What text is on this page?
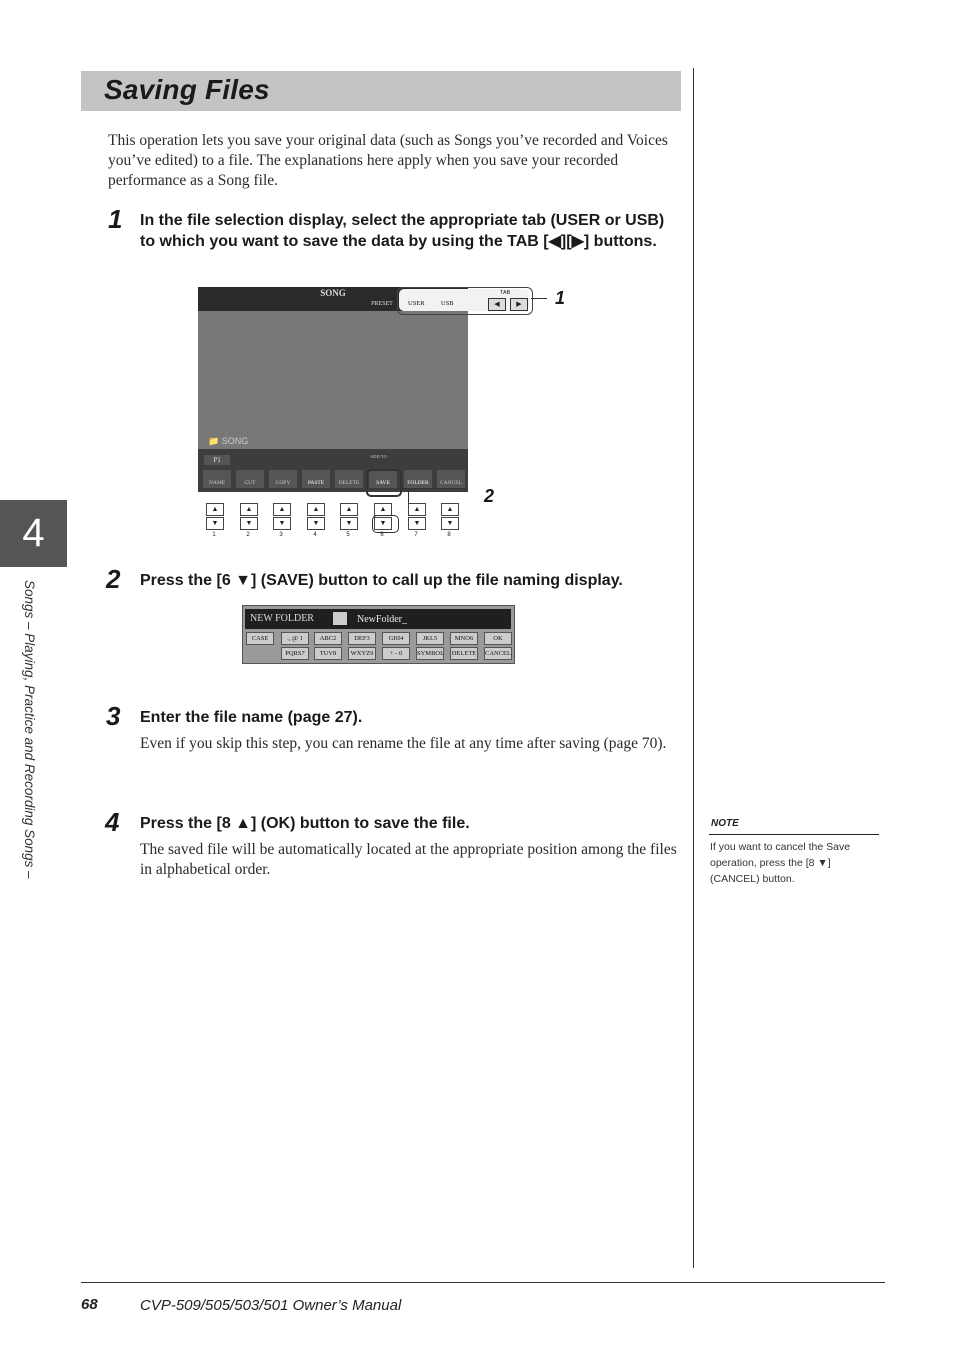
Saving Files
This operation lets you save your original data (such as Songs you’ve recorded and Voices you’ve edited) to a file. The explanations here apply when you save your recorded performance as a Song file.
1 In the file selection display, select the appropriate tab (USER or USB) to which you want to save the data by using the TAB [◀][▶] buttons.
SONG
PRESET
📁 SONG
P1	ADD TO
NAME	CUT	COPY	PASTE	DELETE	SAVE	FOLDER	CANCEL
USER	USB
TAB
◀	▶	1
2
▲
▼
1
▲
▼
2
▲
▼
3
▲
▼
4
▲
▼
5
▲
▼
6
▲
▼
7
▲
▼
8
2 Press the [6 ▼] (SAVE) button to call up the file naming display.
NEW FOLDER	NewFolder_
CASE	., @ 1	ABC2	DEF3	GHI4	JKL5	MNO6	OK
PQRS7	TUV8	WXYZ9	+ - 0	SYMBOL DELETE CANCEL
3 Enter the file name (page 27).
Even if you skip this step, you can rename the file at any time after saving (page 70).
4 Press the [8 ▲] (OK) button to save the file.
The saved file will be automatically located at the appropriate position among the files in alphabetical order.
NOTE
If you want to cancel the Save operation, press the [8 ▼] (CANCEL) button.
4
Songs – Playing, Practice and Recording Songs –
68	CVP-509/505/503/501 Owner’s Manual
